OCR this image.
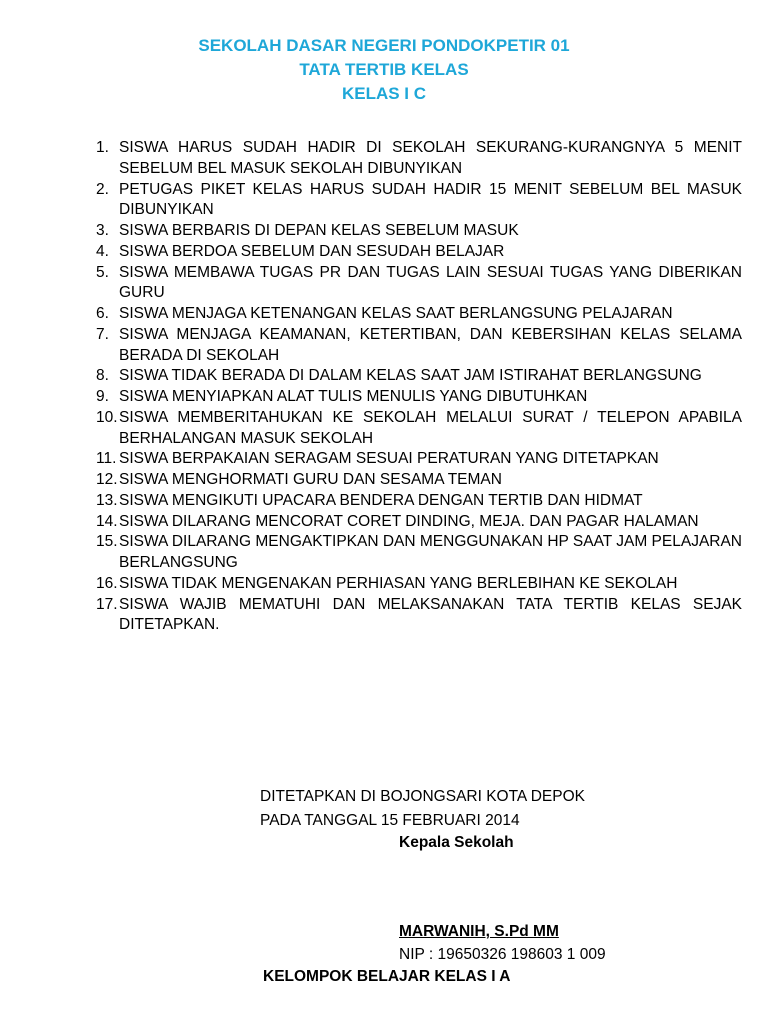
SEKOLAH DASAR NEGERI PONDOKPETIR 01
TATA TERTIB KELAS
KELAS I C
1. SISWA HARUS SUDAH HADIR DI SEKOLAH SEKURANG-KURANGNYA 5 MENIT SEBELUM BEL MASUK SEKOLAH DIBUNYIKAN
2. PETUGAS PIKET KELAS HARUS SUDAH HADIR 15 MENIT SEBELUM BEL MASUK DIBUNYIKAN
3. SISWA BERBARIS DI DEPAN KELAS SEBELUM MASUK
4. SISWA BERDOA SEBELUM DAN SESUDAH BELAJAR
5. SISWA MEMBAWA TUGAS PR DAN TUGAS LAIN SESUAI TUGAS YANG DIBERIKAN GURU
6. SISWA MENJAGA KETENANGAN KELAS SAAT BERLANGSUNG PELAJARAN
7. SISWA MENJAGA KEAMANAN, KETERTIBAN, DAN KEBERSIHAN KELAS SELAMA BERADA DI SEKOLAH
8. SISWA TIDAK BERADA DI DALAM KELAS SAAT JAM ISTIRAHAT BERLANGSUNG
9. SISWA MENYIAPKAN ALAT TULIS MENULIS YANG DIBUTUHKAN
10. SISWA MEMBERITAHUKAN KE SEKOLAH MELALUI SURAT / TELEPON APABILA BERHALANGAN MASUK SEKOLAH
11. SISWA BERPAKAIAN SERAGAM SESUAI PERATURAN YANG DITETAPKAN
12. SISWA MENGHORMATI GURU DAN SESAMA TEMAN
13. SISWA MENGIKUTI UPACARA BENDERA DENGAN TERTIB DAN HIDMAT
14. SISWA DILARANG MENCORAT CORET DINDING, MEJA. DAN PAGAR HALAMAN
15. SISWA DILARANG MENGAKTIPKAN DAN MENGGUNAKAN HP SAAT JAM PELAJARAN BERLANGSUNG
16. SISWA TIDAK MENGENAKAN PERHIASAN YANG BERLEBIHAN KE SEKOLAH
17. SISWA WAJIB MEMATUHI DAN MELAKSANAKAN TATA TERTIB KELAS SEJAK DITETAPKAN.
DITETAPKAN DI BOJONGSARI KOTA DEPOK
PADA TANGGAL 15 FEBRUARI 2014
Kepala Sekolah
MARWANIH, S.Pd MM
NIP : 19650326 198603 1 009
KELOMPOK BELAJAR KELAS I A
